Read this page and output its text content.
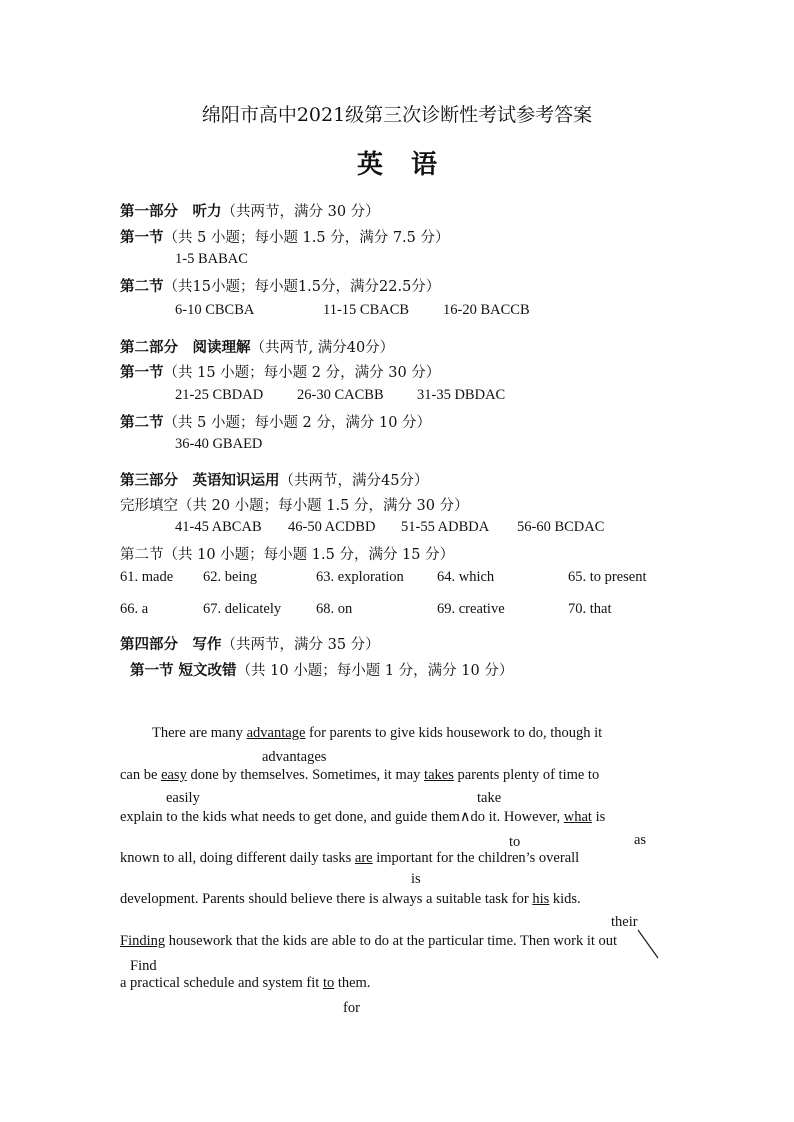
绵阳市高中2021级第三次诊断性考试参考答案
英语
第一部分　听力（共两节，满分 30 分）
第一节（共 5 小题；每小题 1.5 分，满分 7.5 分）
1-5 BABAC
第二节（共15小题；每小题1.5分，满分22.5分）
6-10 CBCBA	11-15 CBACB 16-20 BACCB
第二部分　阅读理解（共两节, 满分40分）
第一节（共 15 小题；每小题 2 分，满分 30 分）
21-25 CBDAD 26-30 CACBB 31-35 DBDAC
第二节（共 5 小题；每小题 2 分，满分 10 分）
36-40 GBAED
第三部分　英语知识运用（共两节，满分45分）
完形填空（共 20 小题；每小题 1.5 分，满分 30 分）
41-45 ABCAB 46-50 ACDBD 51-55 ADBDA 56-60 BCDAC
第二节（共 10 小题；每小题 1.5 分，满分 15 分）
61. made 62. being	63. exploration 64. which	65. to present
66. a	67. delicately 68. on	69. creative	70. that
第四部分　写作（共两节，满分 35 分）
第一节 短文改错（共 10 小题；每小题 1 分，满分 10 分）
There are many advantage for parents to give kids housework to do, though it
advantages
can be easy done by themselves. Sometimes, it may takes parents plenty of time to
easily	take
explain to the kids what needs to get done, and guide them∧do it. However, what is
to	as
known to all, doing different daily tasks are important for the children’s overall
is
development. Parents should believe there is always a suitable task for his kids.
their
Finding housework that the kids are able to do at the particular time. Then work it out
Find
a practical schedule and system fit to them.
for
